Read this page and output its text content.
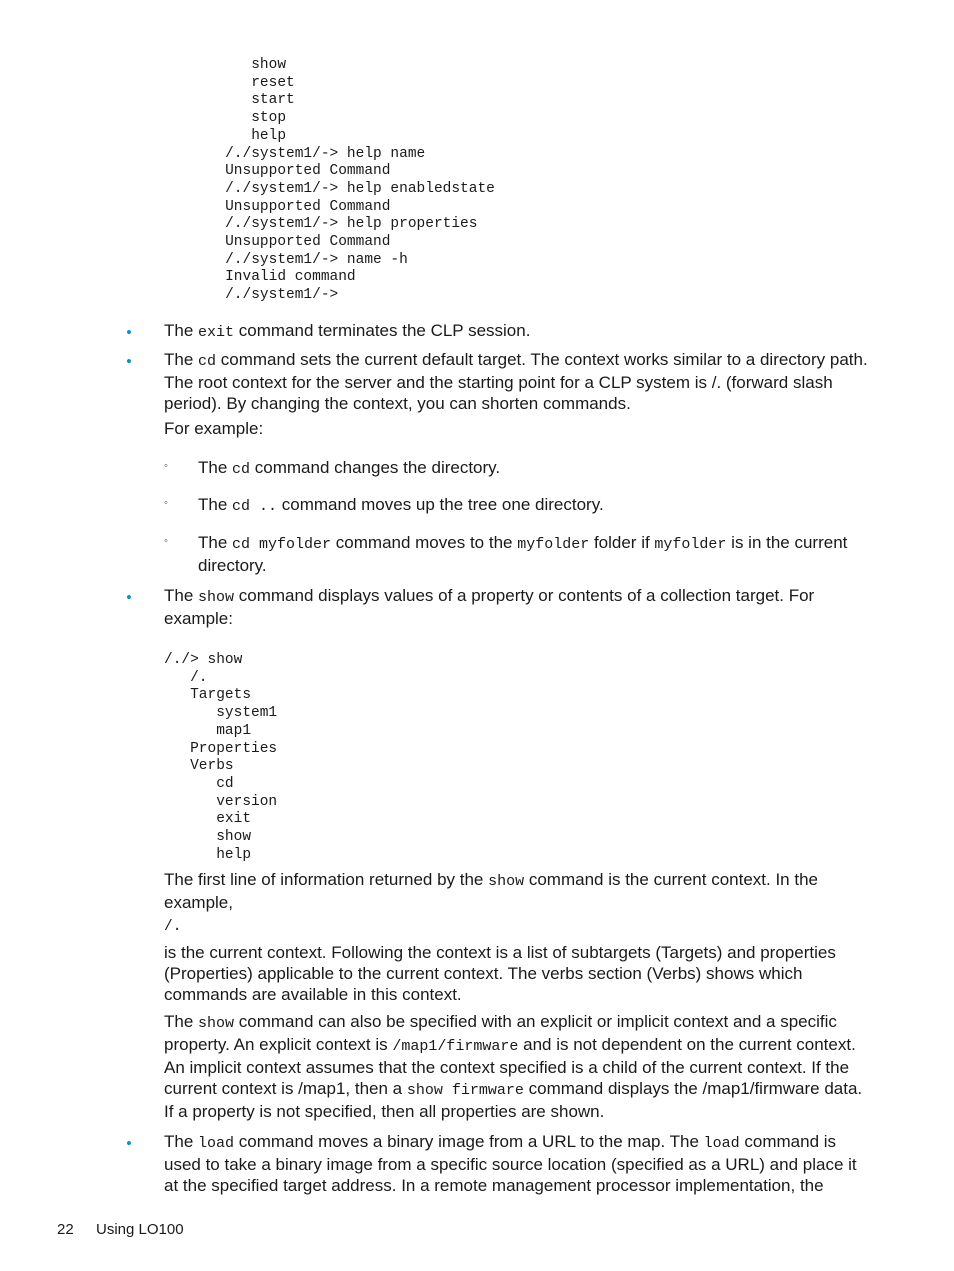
show
reset
start
stop
help
/./system1/-> help name
Unsupported Command
/./system1/-> help enabledstate
Unsupported Command
/./system1/-> help properties
Unsupported Command
/./system1/-> name -h
Invalid command
/./system1/->
• The exit command terminates the CLP session.

• The cd command sets the current default target. The context works similar to a directory path. The root context for the server and the starting point for a CLP system is /. (forward slash period). By changing the context, you can shorten commands.

For example:

◦ The cd command changes the directory.

◦ The cd .. command moves up the tree one directory.

◦ The cd myfolder command moves to the myfolder folder if myfolder is in the current directory.

• The show command displays values of a property or contents of a collection target. For example:

/./> show
/.
Targets
system1
map1
Properties
Verbs
cd
version
exit
show
help

The first line of information returned by the show command is the current context. In the example,

/.

is the current context. Following the context is a list of subtargets (Targets) and properties (Properties) applicable to the current context. The verbs section (Verbs) shows which commands are available in this context.

The show command can also be specified with an explicit or implicit context and a specific property. An explicit context is /map1/firmware and is not dependent on the current context. An implicit context assumes that the context specified is a child of the current context. If the current context is /map1, then a show firmware command displays the /map1/firmware data. If a property is not specified, then all properties are shown.

• The load command moves a binary image from a URL to the map. The load command is used to take a binary image from a specific source location (specified as a URL) and place it at the specified target address. In a remote management processor implementation, the

22 Using LO100
